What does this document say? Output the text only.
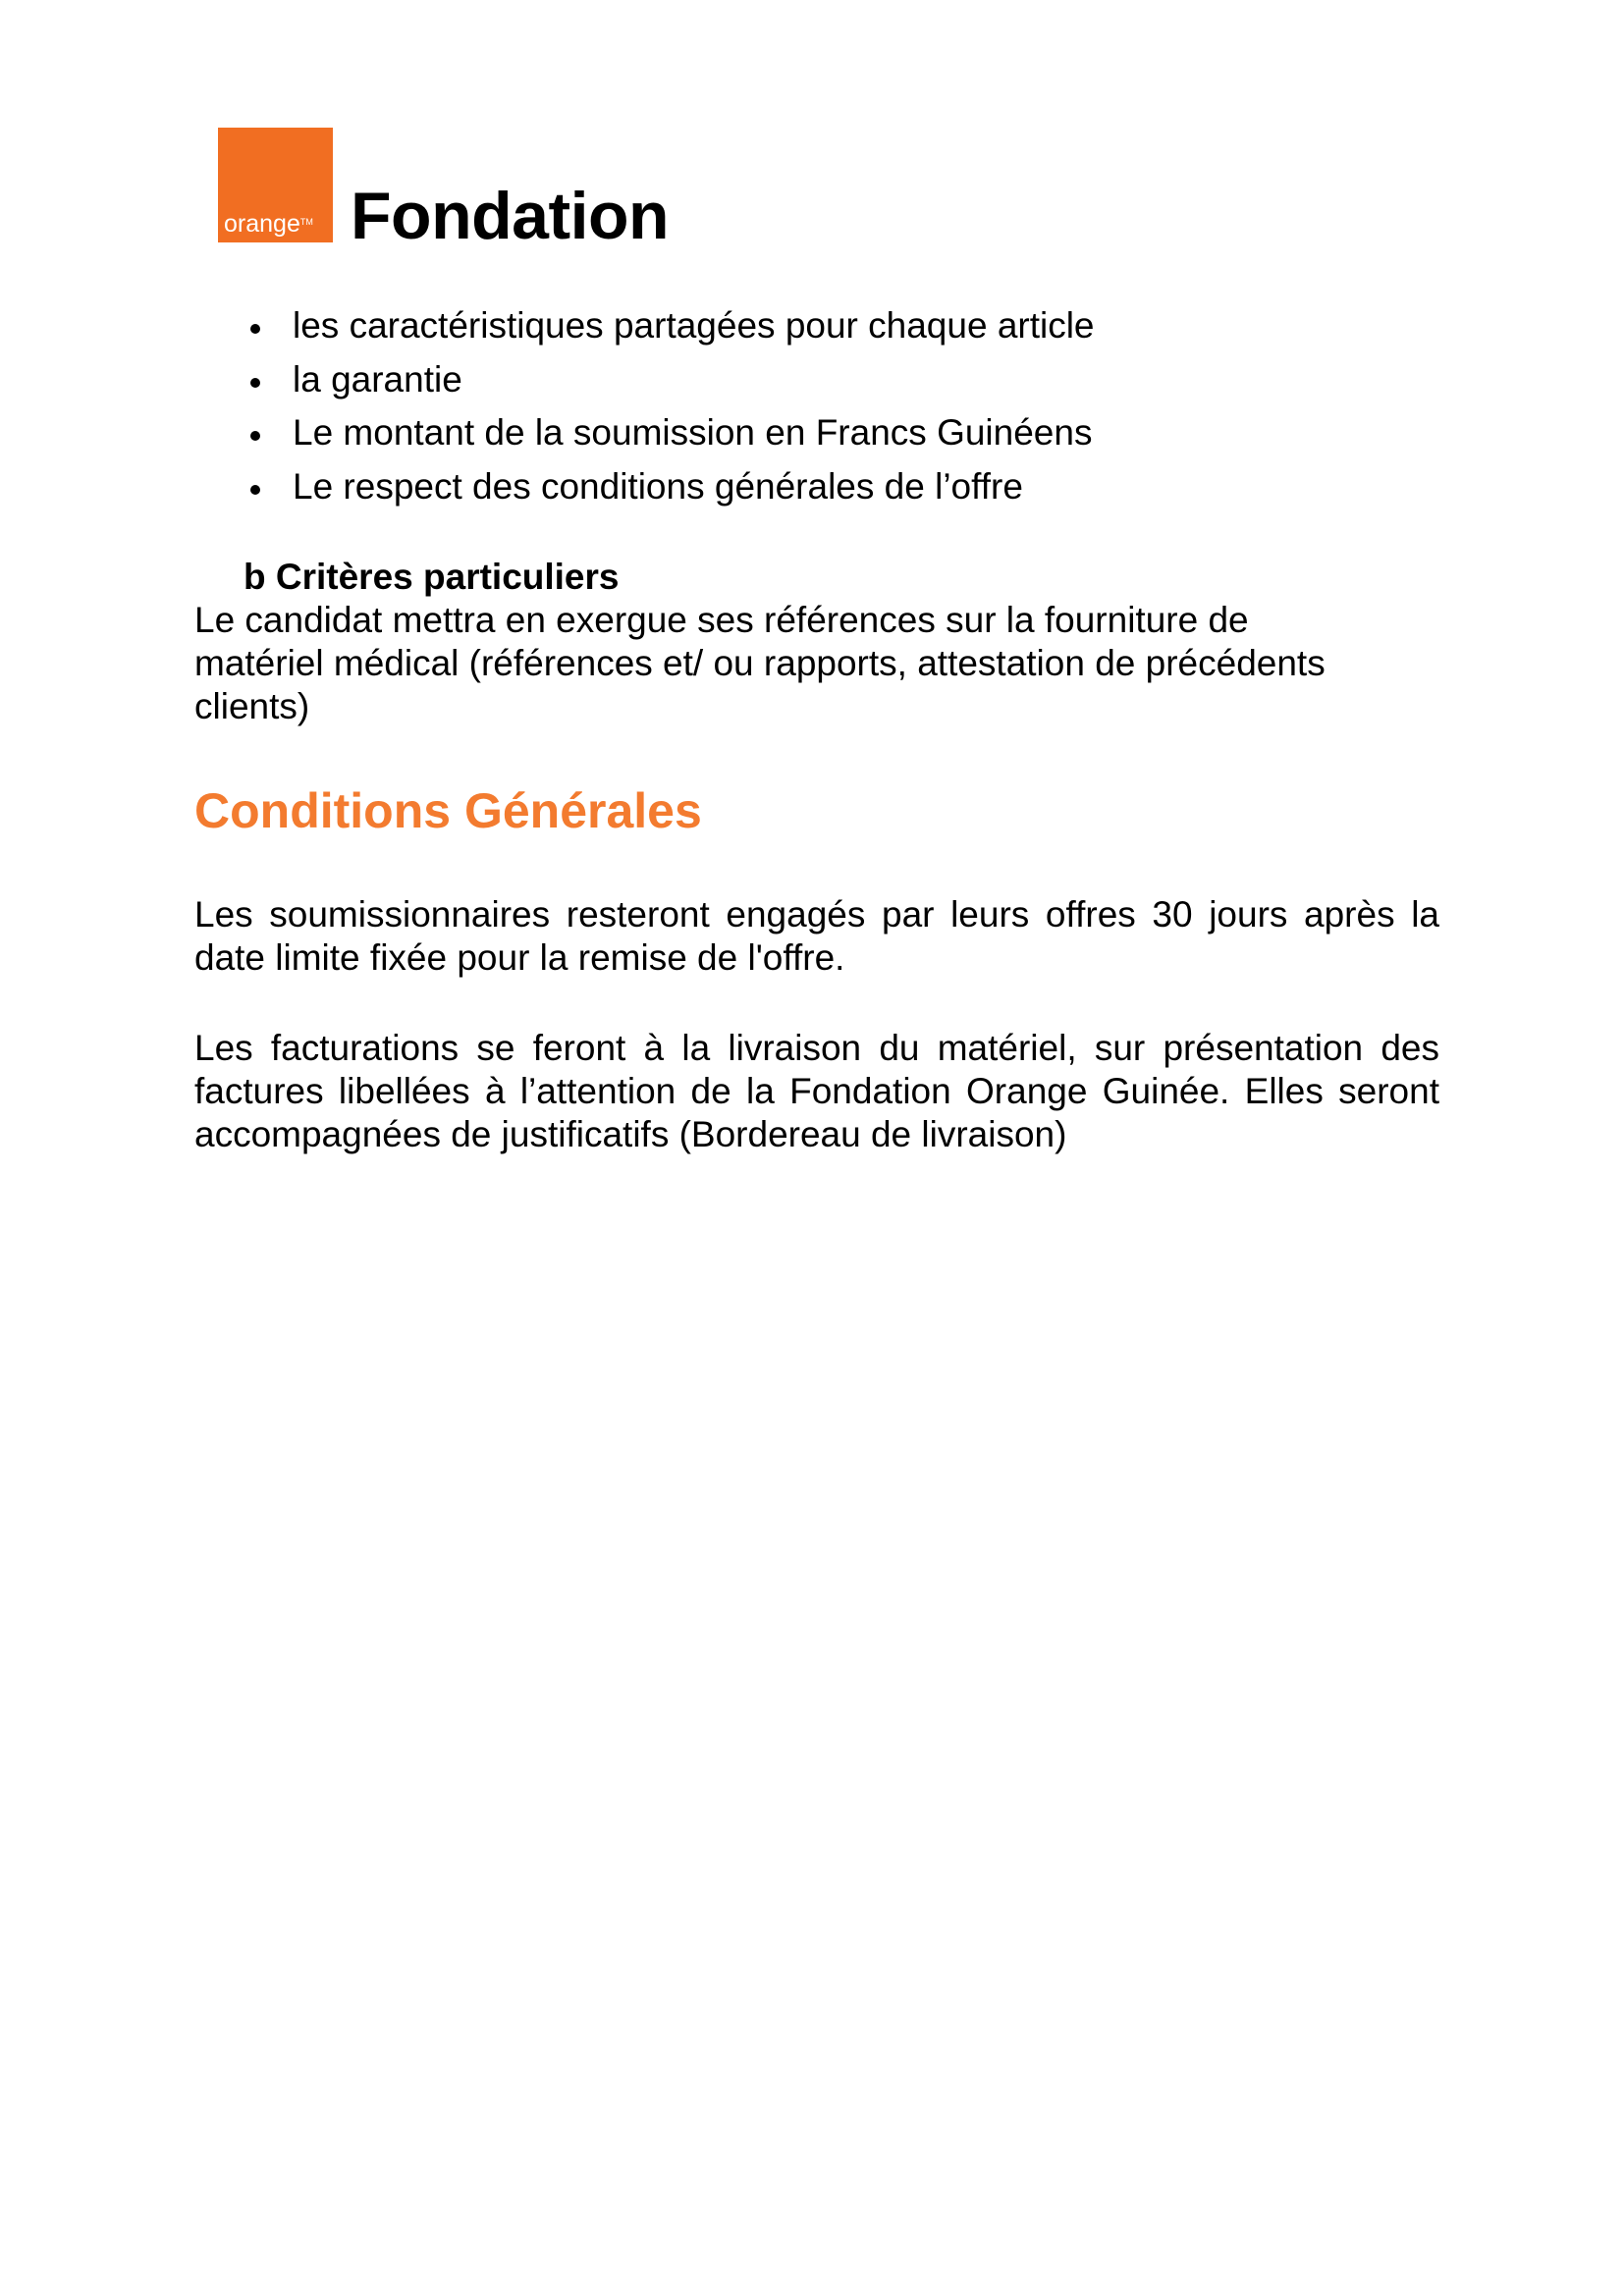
orange™ Fondation
les caractéristiques partagées pour chaque article
la garantie
Le montant de la soumission en Francs Guinéens
Le respect des conditions générales de l’offre
b Critères particuliers

Le candidat mettra en exergue ses références sur la fourniture de
matériel médical (références et/ ou rapports, attestation de précédents
clients)

Conditions Générales

Les soumissionnaires resteront engagés par leurs offres 30 jours après la
date limite fixée pour la remise de l'offre.

Les facturations se feront à la livraison du matériel, sur présentation des
factures libellées à l’attention de la Fondation Orange Guinée. Elles seront
accompagnées de justificatifs (Bordereau de livraison)
